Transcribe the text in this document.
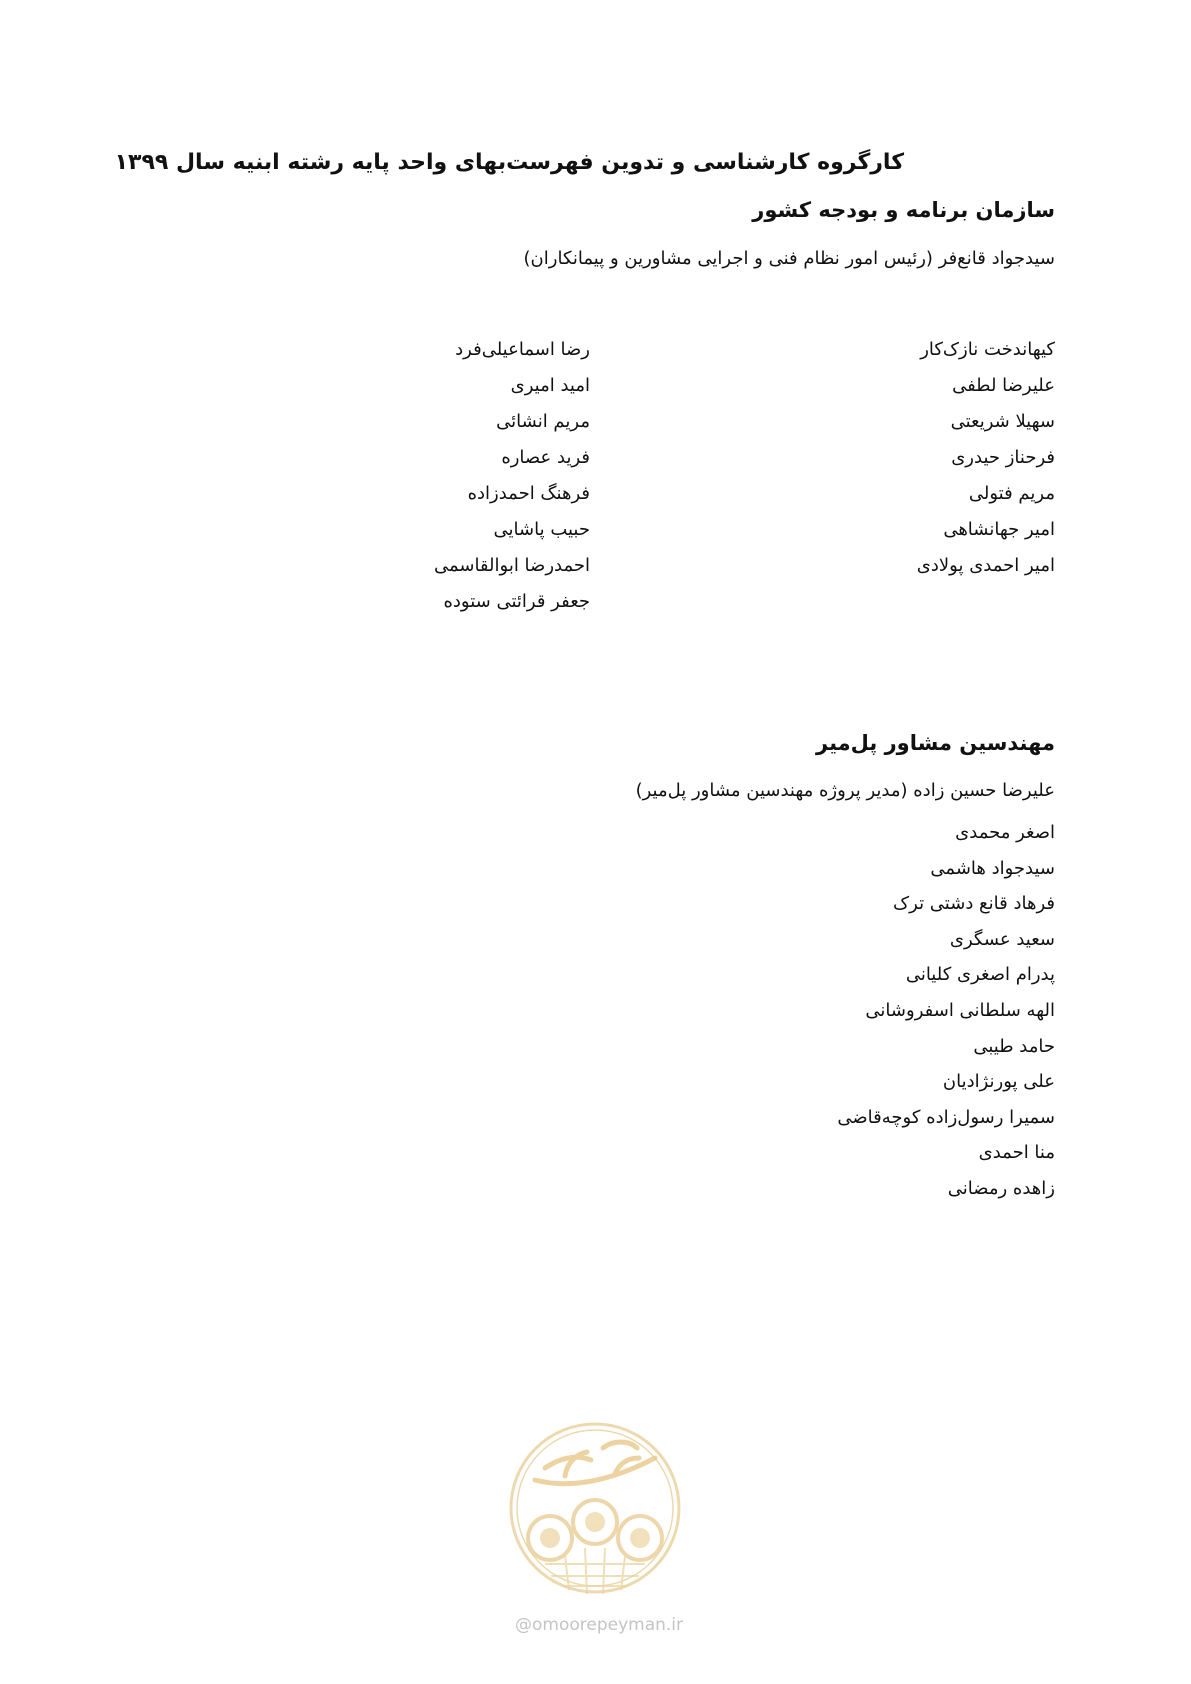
کارگروه کارشناسی و تدوین فهرست‌بهای واحد پایه رشته ابنیه سال ۱۳۹۹
سازمان برنامه و بودجه کشور
سیدجواد قانع‌فر (رئیس امور نظام فنی و اجرایی مشاورین و پیمانکاران)
کیهاندخت نازک‌کار
علیرضا لطفی
سهیلا شریعتی
فرحناز حیدری
مریم فتولی
امیر جهانشاهی
امیر احمدی پولادی
رضا اسماعیلی‌فرد
امید امیری
مریم انشائی
فرید عصاره
فرهنگ احمدزاده
حبیب پاشایی
احمدرضا ابوالقاسمی
جعفر قرائتی ستوده
مهندسین مشاور پل‌میر
علیرضا حسین زاده (مدیر پروژه مهندسین مشاور پل‌میر)
اصغر محمدی
سیدجواد هاشمی
فرهاد قانع دشتی ترک
سعید عسگری
پدرام اصغری کلیانی
الهه سلطانی اسفروشانی
حامد طیبی
علی پورنژادیان
سمیرا رسول‌زاده کوچه‌قاضی
منا احمدی
زاهده رمضانی
@omoorepeyman.ir
